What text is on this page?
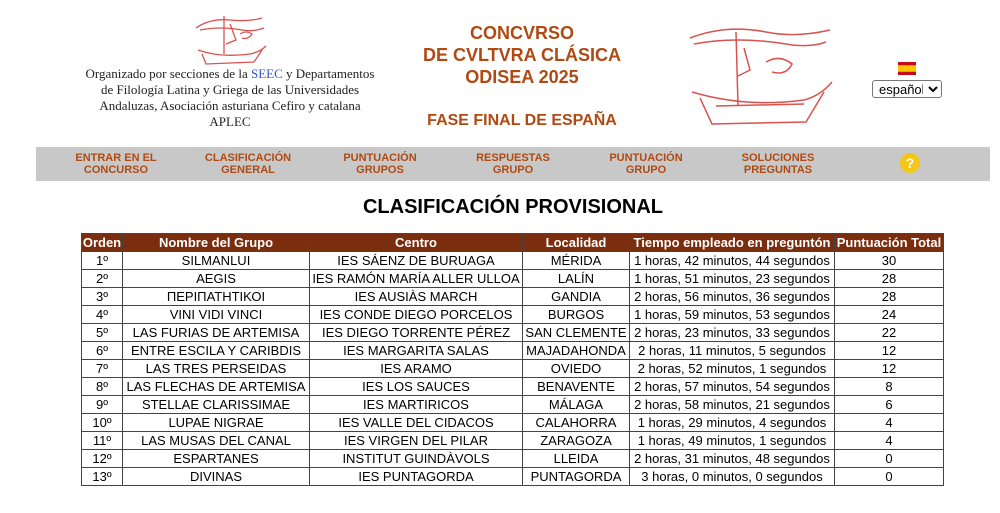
Organizado por secciones de la SEEC y Departamentos de Filología Latina y Griega de las Universidades Andaluzas, Asociación asturiana Cefiro y catalana APLEC
CONCVRSO
DE CVLTVRA CLÁSICA
ODISEA 2025
FASE FINAL DE ESPAÑA
español
ENTRAR EN EL
CONCURSO
CLASIFICACIÓN
GENERAL
PUNTUACIÓN
GRUPOS
RESPUESTAS
GRUPO
PUNTUACIÓN
GRUPO
SOLUCIONES
PREGUNTAS	?
CLASIFICACIÓN PROVISIONAL
Orden	Nombre del Grupo	Centro	Localidad	Tiempo empleado en preguntón	Puntuación Total
1º	SILMANLUI	IES SÁENZ DE BURUAGA	MÉRIDA	1 horas, 42 minutos, 44 segundos	30
2º	AEGIS	IES RAMÓN MARÍA ALLER ULLOA	LALÍN	1 horas, 51 minutos, 23 segundos	28
3º	ΠΕΡΙΠΑΤΗΤΙΚΟΙ	IES AUSIÀS MARCH	GANDIA	2 horas, 56 minutos, 36 segundos	28
4º	VINI VIDI VINCI	IES CONDE DIEGO PORCELOS	BURGOS	1 horas, 59 minutos, 53 segundos	24
5º	LAS FURIAS DE ARTEMISA	IES DIEGO TORRENTE PÉREZ	SAN CLEMENTE	2 horas, 23 minutos, 33 segundos	22
6º	ENTRE ESCILA Y CARIBDIS	IES MARGARITA SALAS	MAJADAHONDA	2 horas, 11 minutos, 5 segundos	12
7º	LAS TRES PERSEIDAS	IES ARAMO	OVIEDO	2 horas, 52 minutos, 1 segundos	12
8º	LAS FLECHAS DE ARTEMISA	IES LOS SAUCES	BENAVENTE	2 horas, 57 minutos, 54 segundos	8
9º	STELLAE CLARISSIMAE	IES MARTIRICOS	MÁLAGA	2 horas, 58 minutos, 21 segundos	6
10º	LUPAE NIGRAE	IES VALLE DEL CIDACOS	CALAHORRA	1 horas, 29 minutos, 4 segundos	4
11º	LAS MUSAS DEL CANAL	IES VIRGEN DEL PILAR	ZARAGOZA	1 horas, 49 minutos, 1 segundos	4
12º	ESPARTANES	INSTITUT GUINDÀVOLS	LLEIDA	2 horas, 31 minutos, 48 segundos	0
13º	DIVINAS	IES PUNTAGORDA	PUNTAGORDA	3 horas, 0 minutos, 0 segundos	0
